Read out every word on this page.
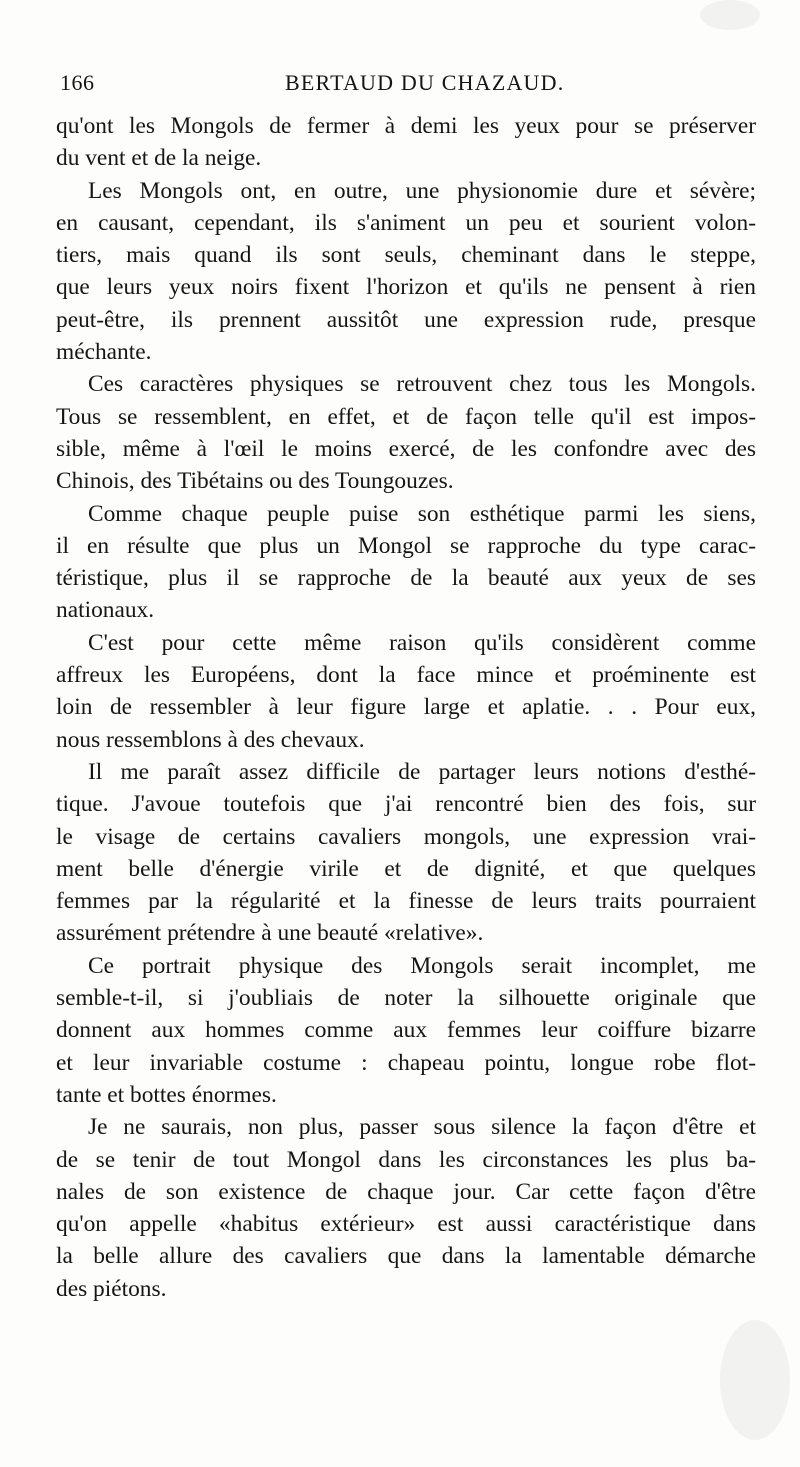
166	BERTAUD DU CHAZAUD.

qu'ont les Mongols de fermer à demi les yeux pour se préserver
du vent et de la neige.

Les Mongols ont, en outre, une physionomie dure et sévère;
en causant, cependant, ils s'animent un peu et sourient volon-
tiers, mais quand ils sont seuls, cheminant dans le steppe,
que leurs yeux noirs fixent l'horizon et qu'ils ne pensent à rien
peut-être, ils prennent aussitôt une expression rude, presque
méchante.

Ces caractères physiques se retrouvent chez tous les Mongols.
Tous se ressemblent, en effet, et de façon telle qu'il est impos-
sible, même à l'œil le moins exercé, de les confondre avec des
Chinois, des Tibétains ou des Toungouzes.

Comme chaque peuple puise son esthétique parmi les siens,
il en résulte que plus un Mongol se rapproche du type carac-
téristique, plus il se rapproche de la beauté aux yeux de ses
nationaux.

C'est pour cette même raison qu'ils considèrent comme
affreux les Européens, dont la face mince et proéminente est
loin de ressembler à leur figure large et aplatie. . . Pour eux,
nous ressemblons à des chevaux.

Il me paraît assez difficile de partager leurs notions d'esthé-
tique. J'avoue toutefois que j'ai rencontré bien des fois, sur
le visage de certains cavaliers mongols, une expression vrai-
ment belle d'énergie virile et de dignité, et que quelques
femmes par la régularité et la finesse de leurs traits pourraient
assurément prétendre à une beauté «relative».

Ce portrait physique des Mongols serait incomplet, me
semble-t-il, si j'oubliais de noter la silhouette originale que
donnent aux hommes comme aux femmes leur coiffure bizarre
et leur invariable costume : chapeau pointu, longue robe flot-
tante et bottes énormes.

Je ne saurais, non plus, passer sous silence la façon d'être et
de se tenir de tout Mongol dans les circonstances les plus ba-
nales de son existence de chaque jour. Car cette façon d'être
qu'on appelle «habitus extérieur» est aussi caractéristique dans
la belle allure des cavaliers que dans la lamentable démarche
des piétons.
